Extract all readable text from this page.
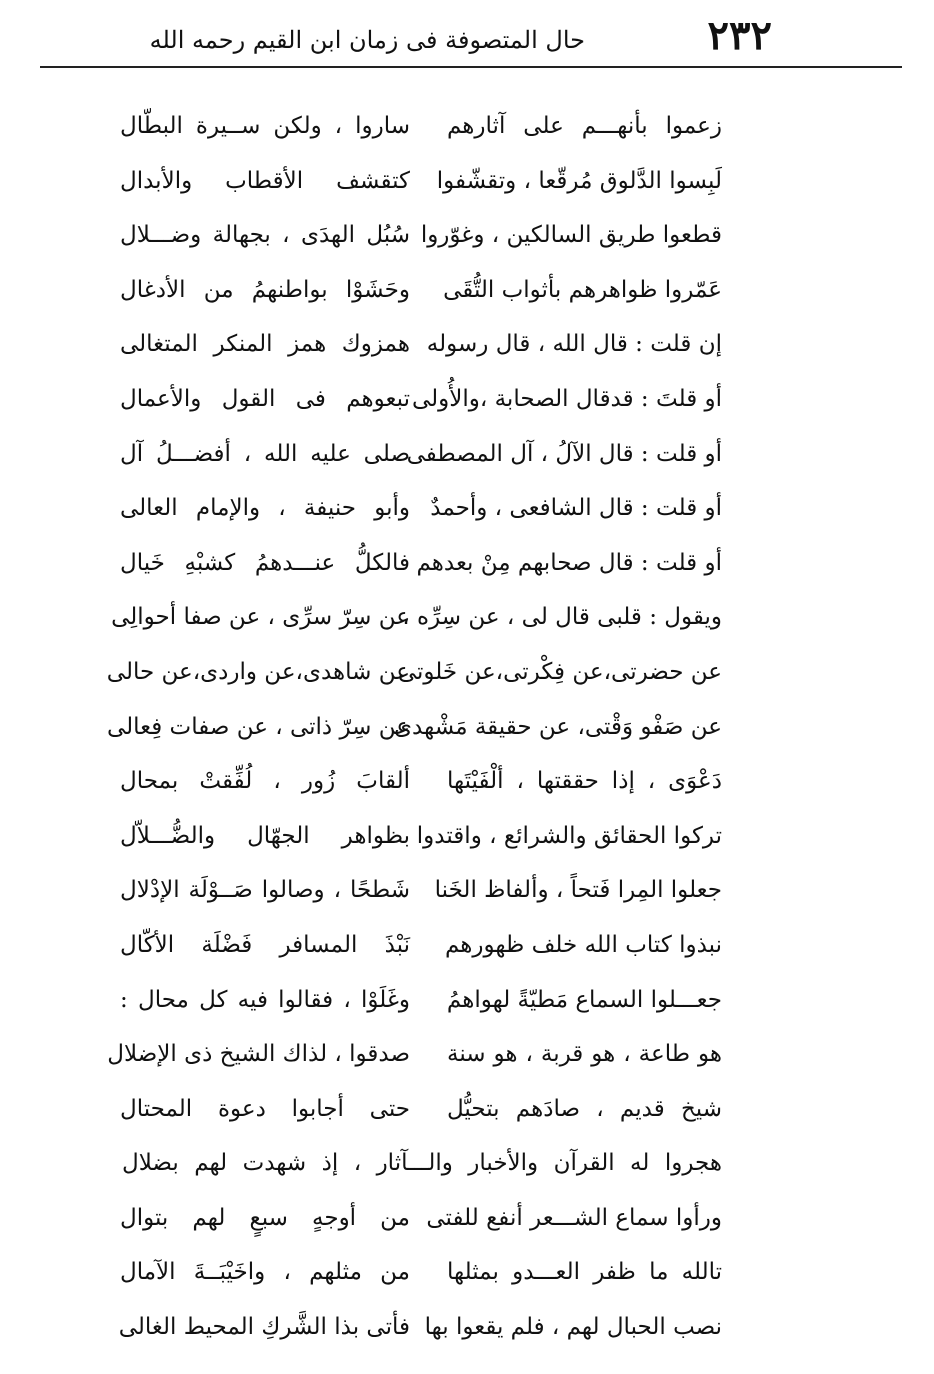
٢٣٢
حال المتصوفة فى زمان ابن القيم رحمه الله
زعموا بأنهـــم على آثارهم
ساروا ، ولكن ســيرة البطّال
لَبِسوا الدَّلوق مُرقّعا ، وتقشّفوا
كتقشف الأقطاب والأبدال
قطعوا طريق السالكين ، وغوّروا
سُبُل الهدَى ، بجهالة وضـــلال
عَمّروا ظواهرهم بأثواب التُّقَى
وحَشَوْا بواطنهمُ من الأدغال
إن قلت : قال الله ، قال رسوله
همزوك همز المنكر المتغالى
أو قلتَ : قدقال الصحابة ،والأُولى
تبعوهم فى القول والأعمال
أو قلت : قال الآلُ ، آل المصطفى
صلى عليه الله ، أفضـــلُ آل
أو قلت : قال الشافعى ، وأحمدٌ
وأبو حنيفة ، والإمام العالى
أو قلت : قال صحابهم مِنْ بعدهم
فالكلُّ عنـــدهمُ كشبْهِ خَيال
ويقول : قلبى قال لى ، عن سِرِّه ،
عن سِرّ سرِّى ، عن صفا أحوالِى
عن حضرتى،عن فِكْرتى،عن خَلوتى
عن شاهدى،عن واردى،عن حالى
عن صَفْو وَقْتى، عن حقيقة مَشْهدى
عن سِرّ ذاتى ، عن صفات فِعالى
دَعْوَى ، إذا حققتها ، ألْفَيْتَها
ألقابَ زُور ، لُفِّقتْ بمحال
تركوا الحقائق والشرائع ، واقتدوا
بظواهر الجهّال والضُّـــلاّل
جعلوا المِرا فَتحاً ، وألفاظ الخَنا
شَطحًا ، وصالوا صَــوْلَة الإدْلال
نبذوا كتاب الله خلف ظهورهم
نَبْذَ المسافر فَضْلَة الأكّال
جعـــلوا السماع مَطيّةً لهواهمُ
وغَلَوْا ، فقالوا فيه كل محال :
هو طاعة ، هو قربة ، هو سنة
صدقوا ، لذاك الشيخ ذى الإضلال
شيخ قديم ، صادَهم بتحيُّل
حتى أجابوا دعوة المحتال
هجروا له القرآن والأخبار والـــآثار ، إذ شهدت لهم بضلال
ورأوا سماع الشـــعر أنفع للفتى
من أوجهٍ سبعٍ لهم بتوال
تالله ما ظفر العـــدو بمثلها
من مثلهم ، واخَيْبَــةَ الآمال
نصب الحبال لهم ، فلم يقعوا بها
فأتى بذا الشَّركِ المحيط الغالى
